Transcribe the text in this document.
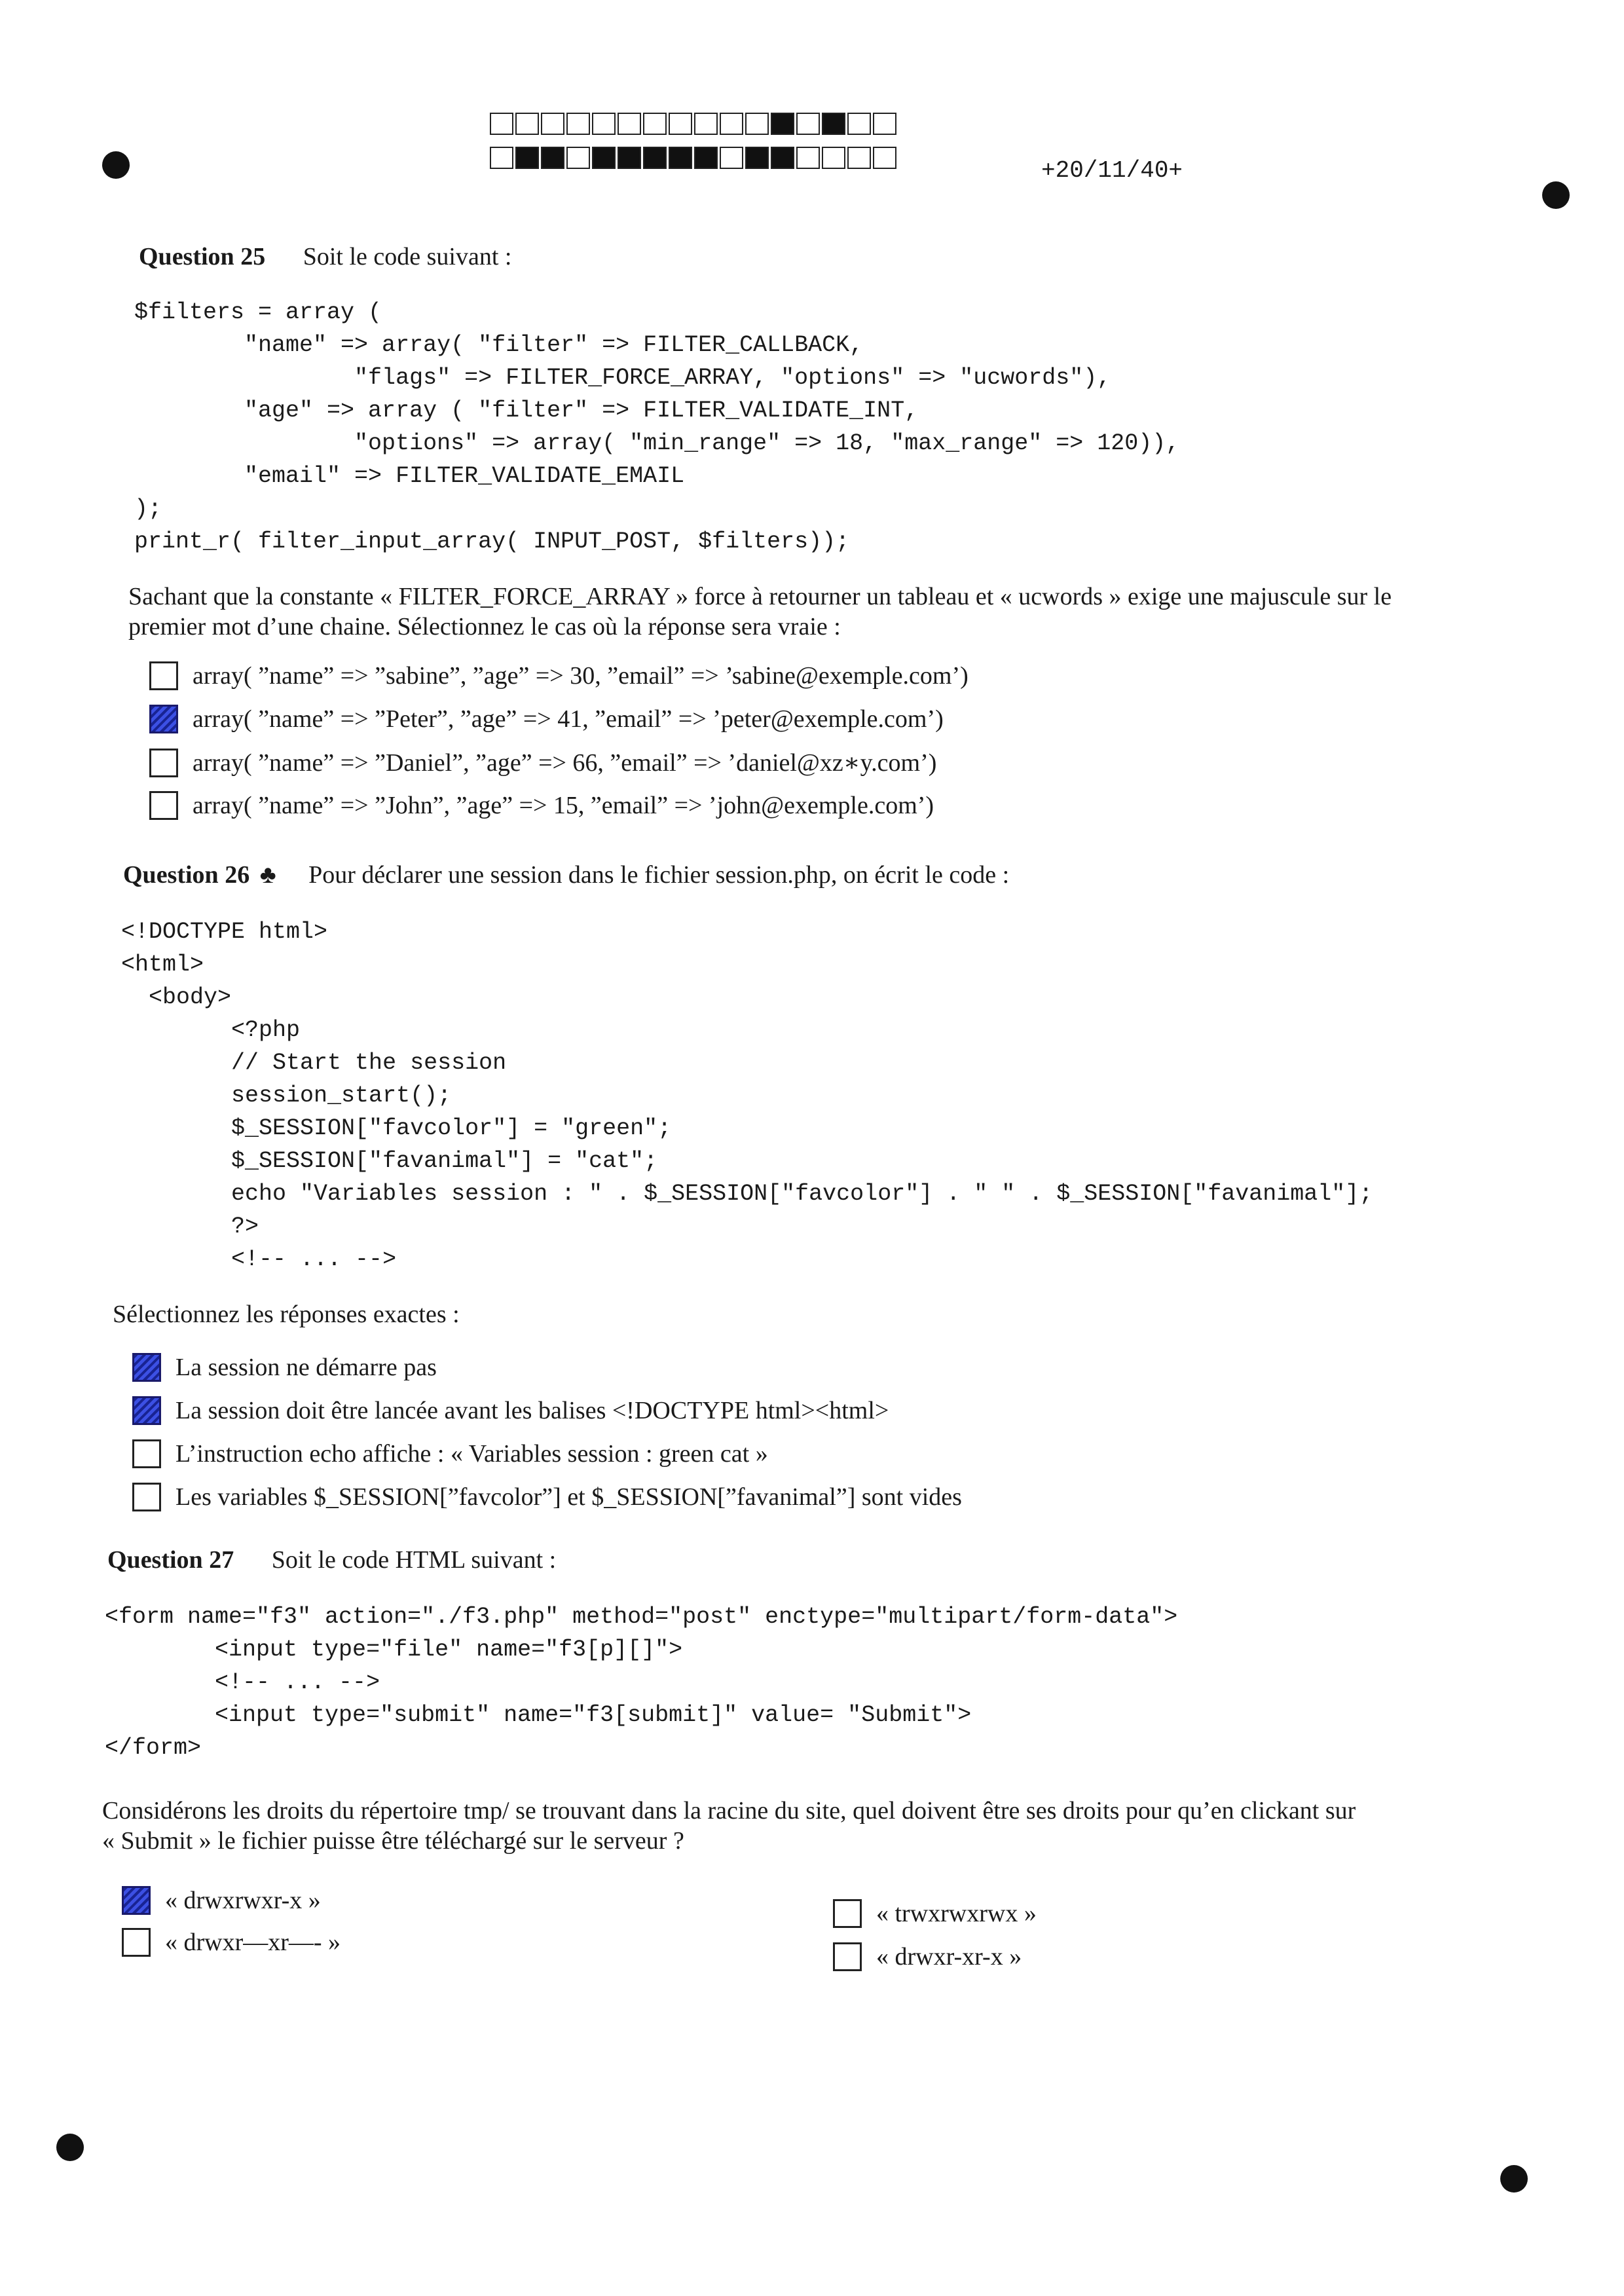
+20/11/40+
Question 25 Soit le code suivant :
$filters = array (
"name" => array( "filter" => FILTER_CALLBACK,
"flags" => FILTER_FORCE_ARRAY, "options" => "ucwords"),
"age" => array ( "filter" => FILTER_VALIDATE_INT,
"options" => array( "min_range" => 18, "max_range" => 120)),
"email" => FILTER_VALIDATE_EMAIL
);
print_r( filter_input_array( INPUT_POST, $filters));
Sachant que la constante « FILTER_FORCE_ARRAY » force à retourner un tableau et « ucwords » exige une majuscule sur le
premier mot d’une chaine. Sélectionnez le cas où la réponse sera vraie :
array( ”name” => ”sabine”, ”age” => 30, ”email” => ’sabine@exemple.com’)
array( ”name” => ”Peter”, ”age” => 41, ”email” => ’peter@exemple.com’)
array( ”name” => ”Daniel”, ”age” => 66, ”email” => ’daniel@xz∗y.com’)
array( ”name” => ”John”, ”age” => 15, ”email” => ’john@exemple.com’)
Question 26 ♣ Pour déclarer une session dans le fichier session.php, on écrit le code :
<!DOCTYPE html>
<html>
<body>
<?php
// Start the session
session_start();
$_SESSION["favcolor"] = "green";
$_SESSION["favanimal"] = "cat";
echo "Variables session : " . $_SESSION["favcolor"] . " " . $_SESSION["favanimal"];
?>
<!-- ... -->
Sélectionnez les réponses exactes :
La session ne démarre pas
La session doit être lancée avant les balises <!DOCTYPE html><html>
L’instruction echo affiche : « Variables session : green cat »
Les variables $_SESSION[”favcolor”] et $_SESSION[”favanimal”] sont vides
Question 27 Soit le code HTML suivant :
<form name="f3" action="./f3.php" method="post" enctype="multipart/form-data">
<input type="file" name="f3[p][]">
<!-- ... -->
<input type="submit" name="f3[submit]" value= "Submit">
</form>
Considérons les droits du répertoire tmp/ se trouvant dans la racine du site, quel doivent être ses droits pour qu’en clickant sur
« Submit » le fichier puisse être téléchargé sur le serveur ?
« drwxrwxr-x »
« drwxr—xr—- »
« trwxrwxrwx »
« drwxr-xr-x »
